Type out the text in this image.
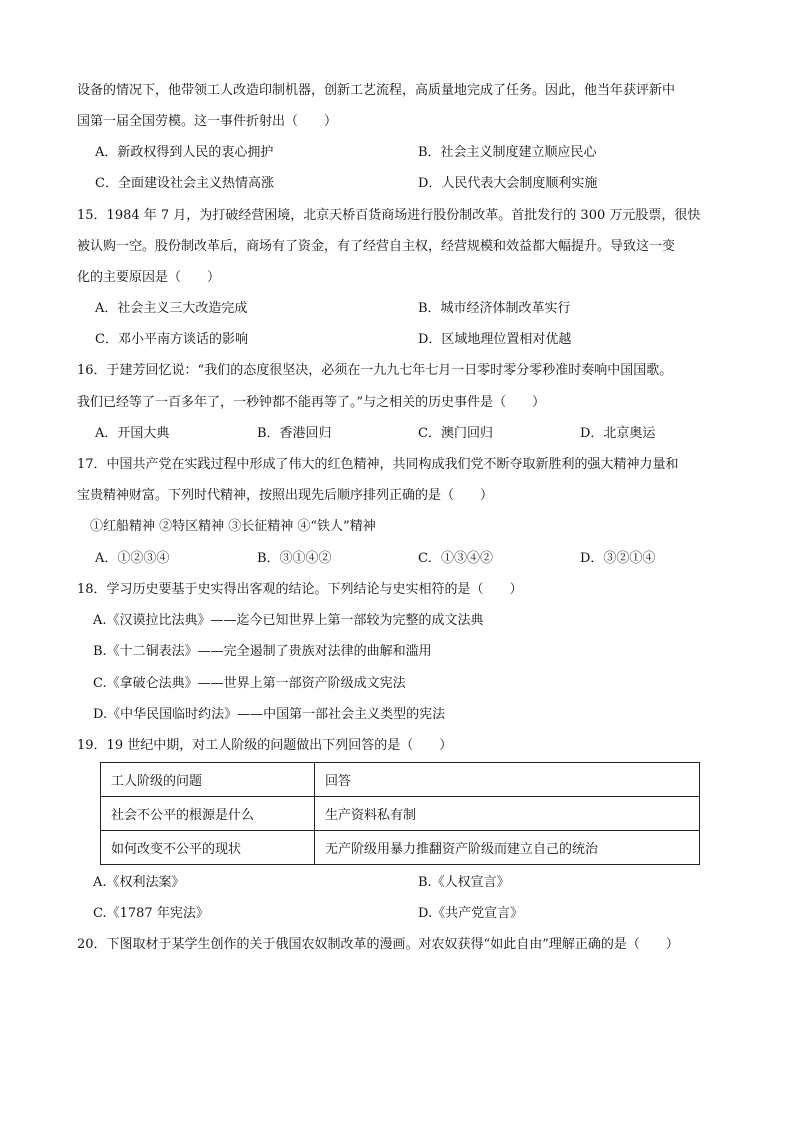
设备的情况下，他带领工人改造印制机器，创新工艺流程，高质量地完成了任务。因此，他当年获评新中
国第一届全国劳模。这一事件折射出（　　）
A．新政权得到人民的衷心拥护	B．社会主义制度建立顺应民心
C．全面建设社会主义热情高涨	D．人民代表大会制度顺利实施
15．1984 年 7 月，为打破经营困境，北京天桥百货商场进行股份制改革。首批发行的 300 万元股票，很快
被认购一空。股份制改革后，商场有了资金，有了经营自主权，经营规模和效益都大幅提升。导致这一变
化的主要原因是（　　）
A．社会主义三大改造完成	B．城市经济体制改革实行
C．邓小平南方谈话的影响	D．区域地理位置相对优越
16．于建芳回忆说：“我们的态度很坚决，必须在一九九七年七月一日零时零分零秒准时奏响中国国歌。
我们已经等了一百多年了，一秒钟都不能再等了。”与之相关的历史事件是（　　）
A．开国大典	B．香港回归	C．澳门回归	D．北京奥运
17．中国共产党在实践过程中形成了伟大的红色精神，共同构成我们党不断夺取新胜利的强大精神力量和
宝贵精神财富。下列时代精神，按照出现先后顺序排列正确的是（　　）
①红船精神 ②特区精神 ③长征精神 ④“铁人”精神
A．①②③④	B．③①④②	C．①③④②	D．③②①④
18．学习历史要基于史实得出客观的结论。下列结论与史实相符的是（　　）
A.《汉谟拉比法典》——迄今已知世界上第一部较为完整的成文法典
B.《十二铜表法》——完全遏制了贵族对法律的曲解和滥用
C.《拿破仑法典》——世界上第一部资产阶级成文宪法
D.《中华民国临时约法》——中国第一部社会主义类型的宪法
19．19 世纪中期，对工人阶级的问题做出下列回答的是（　　）
工人阶级的问题	回答
社会不公平的根源是什么	生产资料私有制
如何改变不公平的现状	无产阶级用暴力推翻资产阶级而建立自己的统治
A.《权利法案》	B.《人权宣言》
C.《1787 年宪法》	D.《共产党宣言》
20．下图取材于某学生创作的关于俄国农奴制改革的漫画。对农奴获得“如此自由”理解正确的是（　　）
